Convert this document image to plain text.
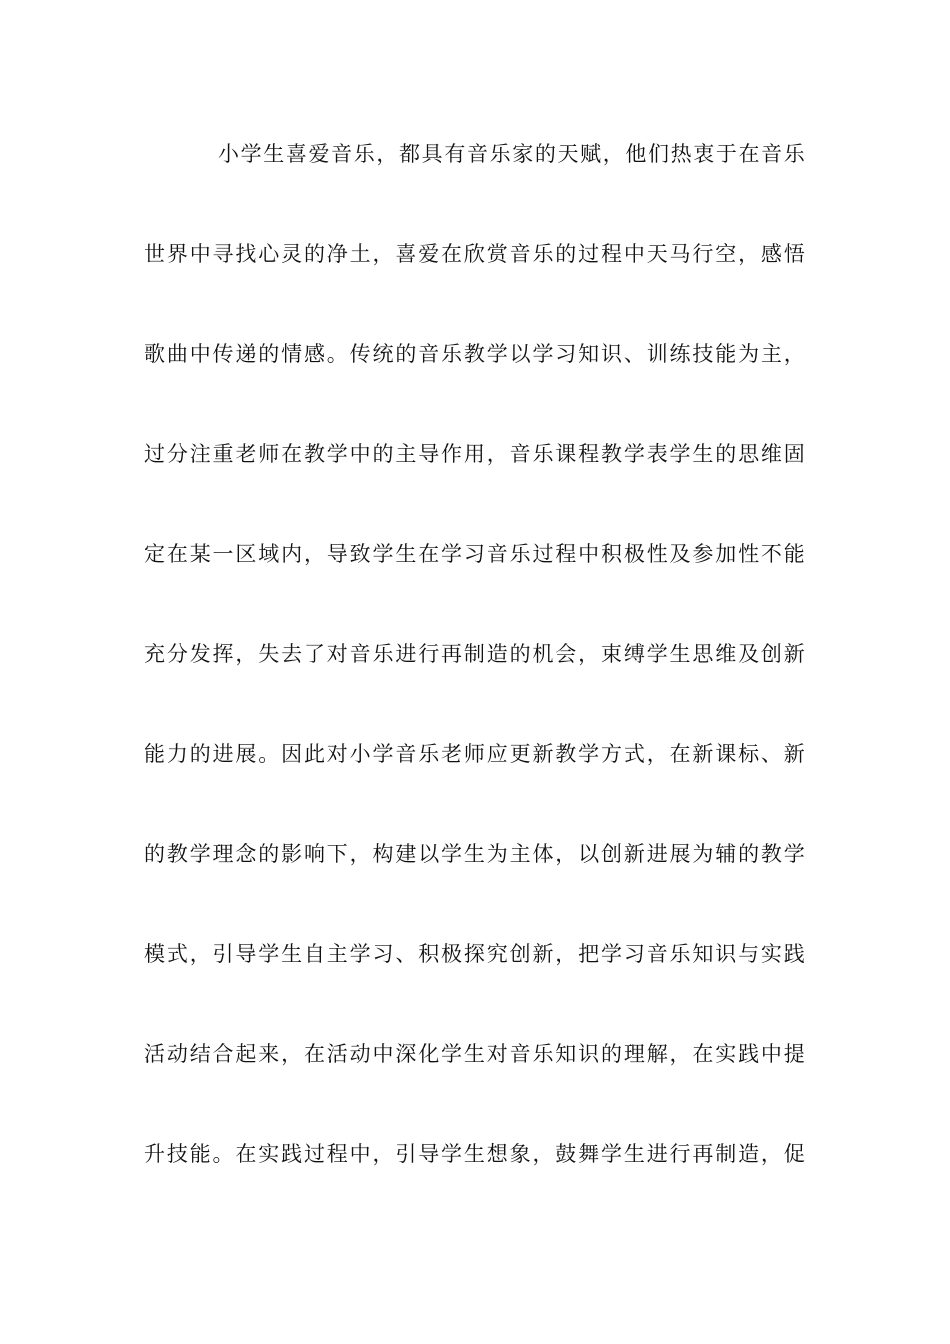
小学生喜爱音乐，都具有音乐家的天赋，他们热衷于在音乐
世界中寻找心灵的净土，喜爱在欣赏音乐的过程中天马行空，感悟
歌曲中传递的情感。传统的音乐教学以学习知识、训练技能为主，
过分注重老师在教学中的主导作用，音乐课程教学表学生的思维固
定在某一区域内，导致学生在学习音乐过程中积极性及参加性不能
充分发挥，失去了对音乐进行再制造的机会，束缚学生思维及创新
能力的进展。因此对小学音乐老师应更新教学方式，在新课标、新
的教学理念的影响下，构建以学生为主体，以创新进展为辅的教学
模式，引导学生自主学习、积极探究创新，把学习音乐知识与实践
活动结合起来，在活动中深化学生对音乐知识的理解，在实践中提
升技能。在实践过程中，引导学生想象，鼓舞学生进行再制造，促
